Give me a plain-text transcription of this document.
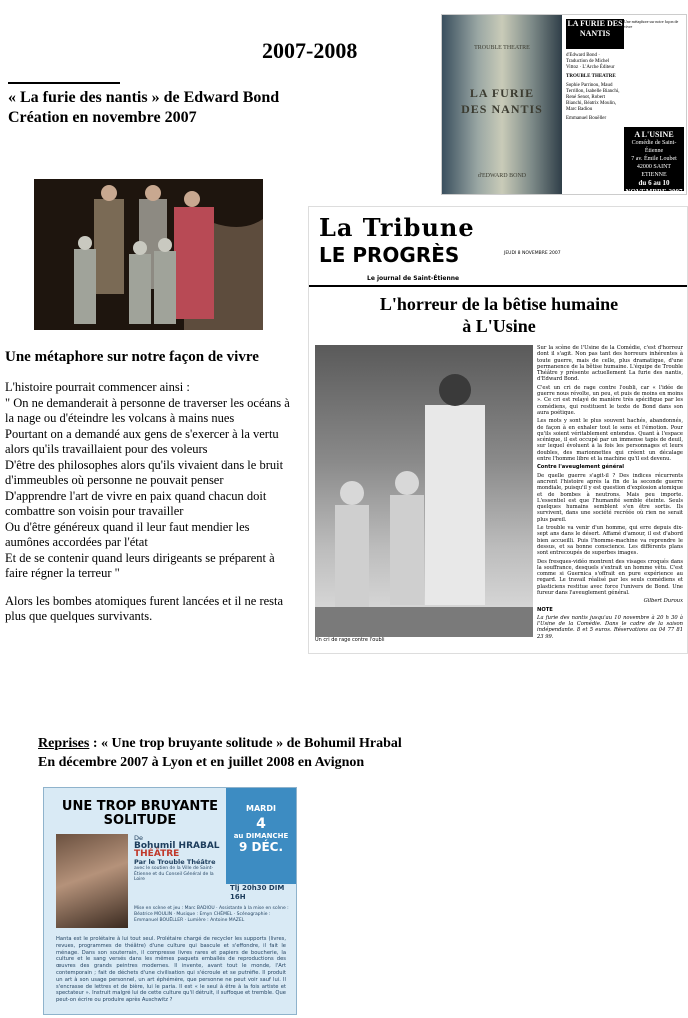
2007-2008
« La furie des nantis » de Edward Bond
Création en novembre 2007
TROUBLE THEATRE
LA FURIE DES NANTIS
d'EDWARD BOND
LA FURIE DES NANTIS
d'Edward Bond · Traduction de Michel Vittoz · L'Arche Éditeur
TROUBLE THEATRE
Sophie Parrinou, Maud Terrillon, Isabelle Bianchi, René Senot, Robert Bianchi, Béatrix Moulin, Marc Badiou
Emmanuel Bouëller
Une métaphore sur notre façon de vivre
A L'USINE
Comédie de Saint-Étienne
7 av. Émile Loubet 42000 SAINT ETIENNE
du 6 au 10 NOVEMBRE 2007 à 20H30
La Tribune
LE PROGRÈS	JEUDI 8 NOVEMBRE 2007
Le journal de Saint-Étienne
L'horreur de la bêtise humaine
à L'Usine
Un cri de rage contre l'oubli

Sur la scène de l'Usine de la Comédie, c'est d'horreur dont il s'agit. Non pas tant des horreurs inhérentes à toute guerre, mais de celle, plus dramatique, d'une permanence de la bêtise humaine. L'équipe de Trouble Théâtre y présente actuellement La furie des nantis, d'Edward Bond.

C'est un cri de rage contre l'oubli, car « l'idée de guerre nous révolte, un peu, et puis de moins en moins ». Ce cri est relayé de manière très spécifique par les comédiens, qui restituent le texte de Bond dans son aura poétique.

Les mots y sont le plus souvent hachés, abandonnés, de façon à en exhaler tout le sens et l'émotion. Pour qu'ils soient véritablement entendus. Quant à l'espace scénique, il est occupé par un immense tapis de deuil, sur lequel évoluent à la fois les personnages et leurs doubles, des marionnettes qui créent un décalage entre l'homme libre et la machine qu'il est devenu.

Contre l'aveuglement général

De quelle guerre s'agit-il ? Des indices récurrents ancrent l'histoire après la fin de la seconde guerre mondiale, puisqu'il y est question d'explosion atomique et de bombes à neutrons. Mais peu importe. L'essentiel est que l'humanité semble éteinte. Seuls quelques humains semblent s'en être sortis. Ils survivent, dans une société recréée où rien ne serait plus pareil.

Le trouble va venir d'un homme, qui erre depuis dix-sept ans dans le désert. Affamé d'amour, il est d'abord bien accueilli. Puis l'homme-machine va reprendre le dessus, et sa bonne conscience. Les différents plans sont entrecoupés de superbes images.

Des fresques-vidéo montrent des visages croqués dans la souffrance, desquels s'extrait un homme vêtu. C'est comme si Guernica s'offrait en pure expérience au regard. Le travail réalisé par les seuls comédiens et plasticiens restitue avec force l'univers de Bond. Une fureur dans l'aveuglement général.

Gilbert Duroux

NOTE

La furie des nantis jusqu'au 10 novembre à 20 h 30 à l'Usine de la Comédie. Dans le cadre de la saison indépendante. 8 et 5 euros. Réservations au 04 77 81 23 99.

Une métaphore sur notre façon de vivre

L'histoire pourrait commencer ainsi :

" On ne demanderait à personne de traverser les océans à la nage ou d'éteindre les volcans à mains nues

Pourtant on a demandé aux gens de s'exercer à la vertu alors qu'ils travaillaient pour des voleurs

D'être des philosophes alors qu'ils vivaient dans le bruit d'immeubles où personne ne pouvait penser

D'apprendre l'art de vivre en paix quand chacun doit combattre son voisin pour travailler

Ou d'être généreux quand il leur faut mendier les aumônes accordées par l'état

Et de se contenir quand leurs dirigeants se préparent à faire régner la terreur "

Alors les bombes atomiques furent lancées et il ne resta plus que quelques survivants.

Reprises : « Une trop bruyante solitude » de Bohumil Hrabal
En décembre 2007 à Lyon et en juillet 2008 en Avignon
UNE TROP BRUYANTE SOLITUDE
MARDI
4
au DIMANCHE
9 DÉC.
Tlj 20h30 DIM 16H
De
Bohumil HRABAL
THÉÂTRE
Par le Trouble Théâtre
avec le soutien de la Ville de Saint-Étienne et du Conseil Général de la Loire
Mise en scène et jeu : Marc BADIOU · Assistante à la mise en scène : Béatrice MOULIN · Musique : Emyn CHÉMEL · Scénographie : Emmanuel BOUËLLER · Lumière : Antoine MAZEL
Hanta est le prolétaire à lui tout seul. Prolétaire chargé de recycler les supports (livres, revues, programmes de théâtre) d'une culture qui bascule et s'effondre, il fait le ménage. Dans son souterrain, il compresse livres rares et papiers de boucherie, la culture et le sang versés dans les mêmes paquets emballés de reproductions des œuvres des grands peintres modernes. Il invente, avant tout le monde, l'Art contemporain ; fait de déchets d'une civilisation qui s'écroule et se putréfie. Il produit un art à son usage personnel, un art éphémère, que personne ne peut voir sauf lui. Il s'encrasse de lettres et de bière, lui le paria. Il est « le seul à être à la fois artiste et spectateur ». Instruit malgré lui de cette culture qu'il détruit, il suffoque et tremble. Que peut-on écrire ou produire après Auschwitz ?
